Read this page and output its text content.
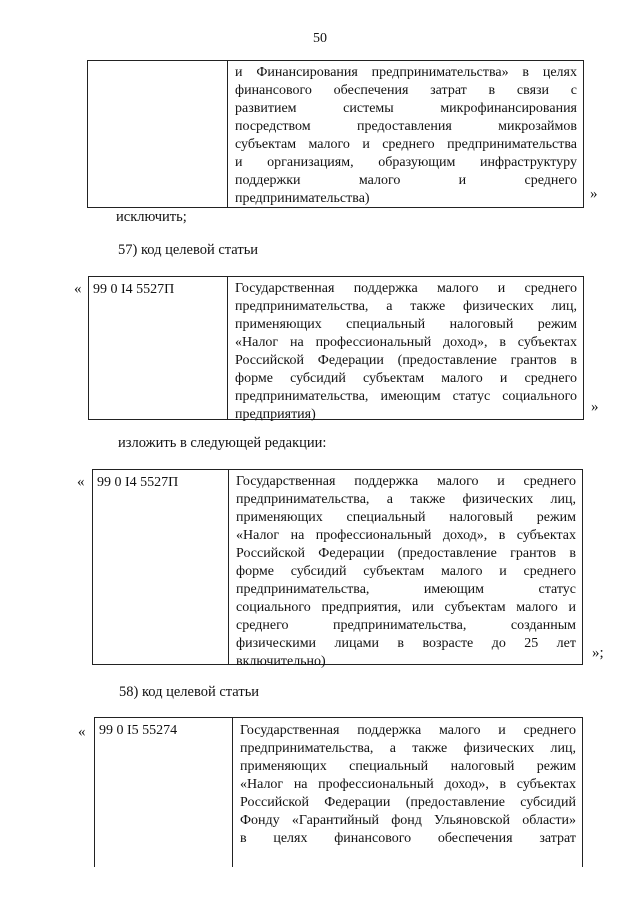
50
и Финансирования предпринимательства» в целях
финансового обеспечения затрат в связи с
развитием системы микрофинансирования
посредством предоставления микрозаймов
субъектам малого и среднего предпринимательства
и организациям, образующим инфраструктуру
поддержки малого и среднего
предпринимательства)	»
исключить;
57) код целевой статьи
« 99 0 I4 5527П	Государственная поддержка малого и среднего
предпринимательства, а также физических лиц,
применяющих специальный налоговый режим
«Налог на профессиональный доход», в субъектах
Российской Федерации (предоставление грантов в
форме субсидий субъектам малого и среднего
предпринимательства, имеющим статус социального
предприятия)	»
изложить в следующей редакции:
« 99 0 I4 5527П	Государственная поддержка малого и среднего
предпринимательства, а также физических лиц,
применяющих специальный налоговый режим
«Налог на профессиональный доход», в субъектах
Российской Федерации (предоставление грантов в
форме субсидий субъектам малого и среднего
предпринимательства, имеющим статус
социального предприятия, или субъектам малого и
среднего предпринимательства, созданным
физическими лицами в возрасте до 25 лет
включительно)
»;
58) код целевой статьи
« 99 0 I5 55274	Государственная поддержка малого и среднего
предпринимательства, а также физических лиц,
применяющих специальный налоговый режим
«Налог на профессиональный доход», в субъектах
Российской Федерации (предоставление субсидий
Фонду «Гарантийный фонд Ульяновской области»
в целях финансового обеспечения затрат
